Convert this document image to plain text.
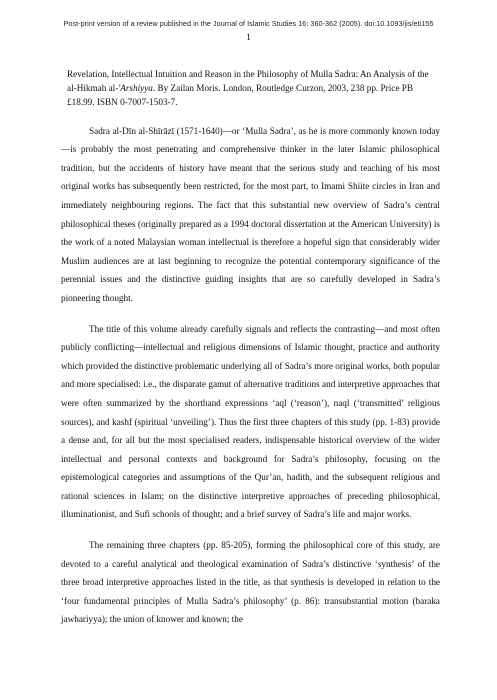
Post-print version of a review published in the Journal of Islamic Studies 16: 360-362 (2005). doi:10.1093/jis/eti155
1

Revelation, Intellectual Intuition and Reason in the Philosophy of Mulla Sadra: An Analysis of the al-Hikmah al-'Arshiyya. By Zailan Moris. London, Routledge Curzon, 2003, 238 pp. Price PB £18.99. ISBN 0-7007-1503-7.

Sadra al-Dīn al-Shīrāzī (1571-1640)—or ‘Mulla Sadra’, as he is more commonly known today—is probably the most penetrating and comprehensive thinker in the later Islamic philosophical tradition, but the accidents of history have meant that the serious study and teaching of his most original works has subsequently been restricted, for the most part, to Imami Shiite circles in Iran and immediately neighbouring regions. The fact that this substantial new overview of Sadra’s central philosophical theses (originally prepared as a 1994 doctoral dissertation at the American University) is the work of a noted Malaysian woman intellectual is therefore a hopeful sign that considerably wider Muslim audiences are at last beginning to recognize the potential contemporary significance of the perennial issues and the distinctive guiding insights that are so carefully developed in Sadra’s pioneering thought.

The title of this volume already carefully signals and reflects the contrasting—and most often publicly conflicting—intellectual and religious dimensions of Islamic thought, practice and authority which provided the distinctive problematic underlying all of Sadra’s more original works, both popular and more specialised: i.e., the disparate gamut of alternative traditions and interpretive approaches that were often summarized by the shorthand expressions ‘aql (‘reason’), naql (‘transmitted’ religious sources), and kashf (spiritual ‘unveiling’). Thus the first three chapters of this study (pp. 1-83) provide a dense and, for all but the most specialised readers, indispensable historical overview of the wider intellectual and personal contexts and background for Sadra’s philosophy, focusing on the epistemological categories and assumptions of the Qur’an, hadith, and the subsequent religious and rational sciences in Islam; on the distinctive interpretive approaches of preceding philosophical, illuminationist, and Sufi schools of thought; and a brief survey of Sadra’s life and major works.

The remaining three chapters (pp. 85-205), forming the philosophical core of this study, are devoted to a careful analytical and theological examination of Sadra’s distinctive ‘synthesis’ of the three broad interpretive approaches listed in the title, as that synthesis is developed in relation to the ‘four fundamental principles of Mulla Sadra’s philosophy’ (p. 86): transubstantial motion (baraka jawhariyya); the union of knower and known; the
